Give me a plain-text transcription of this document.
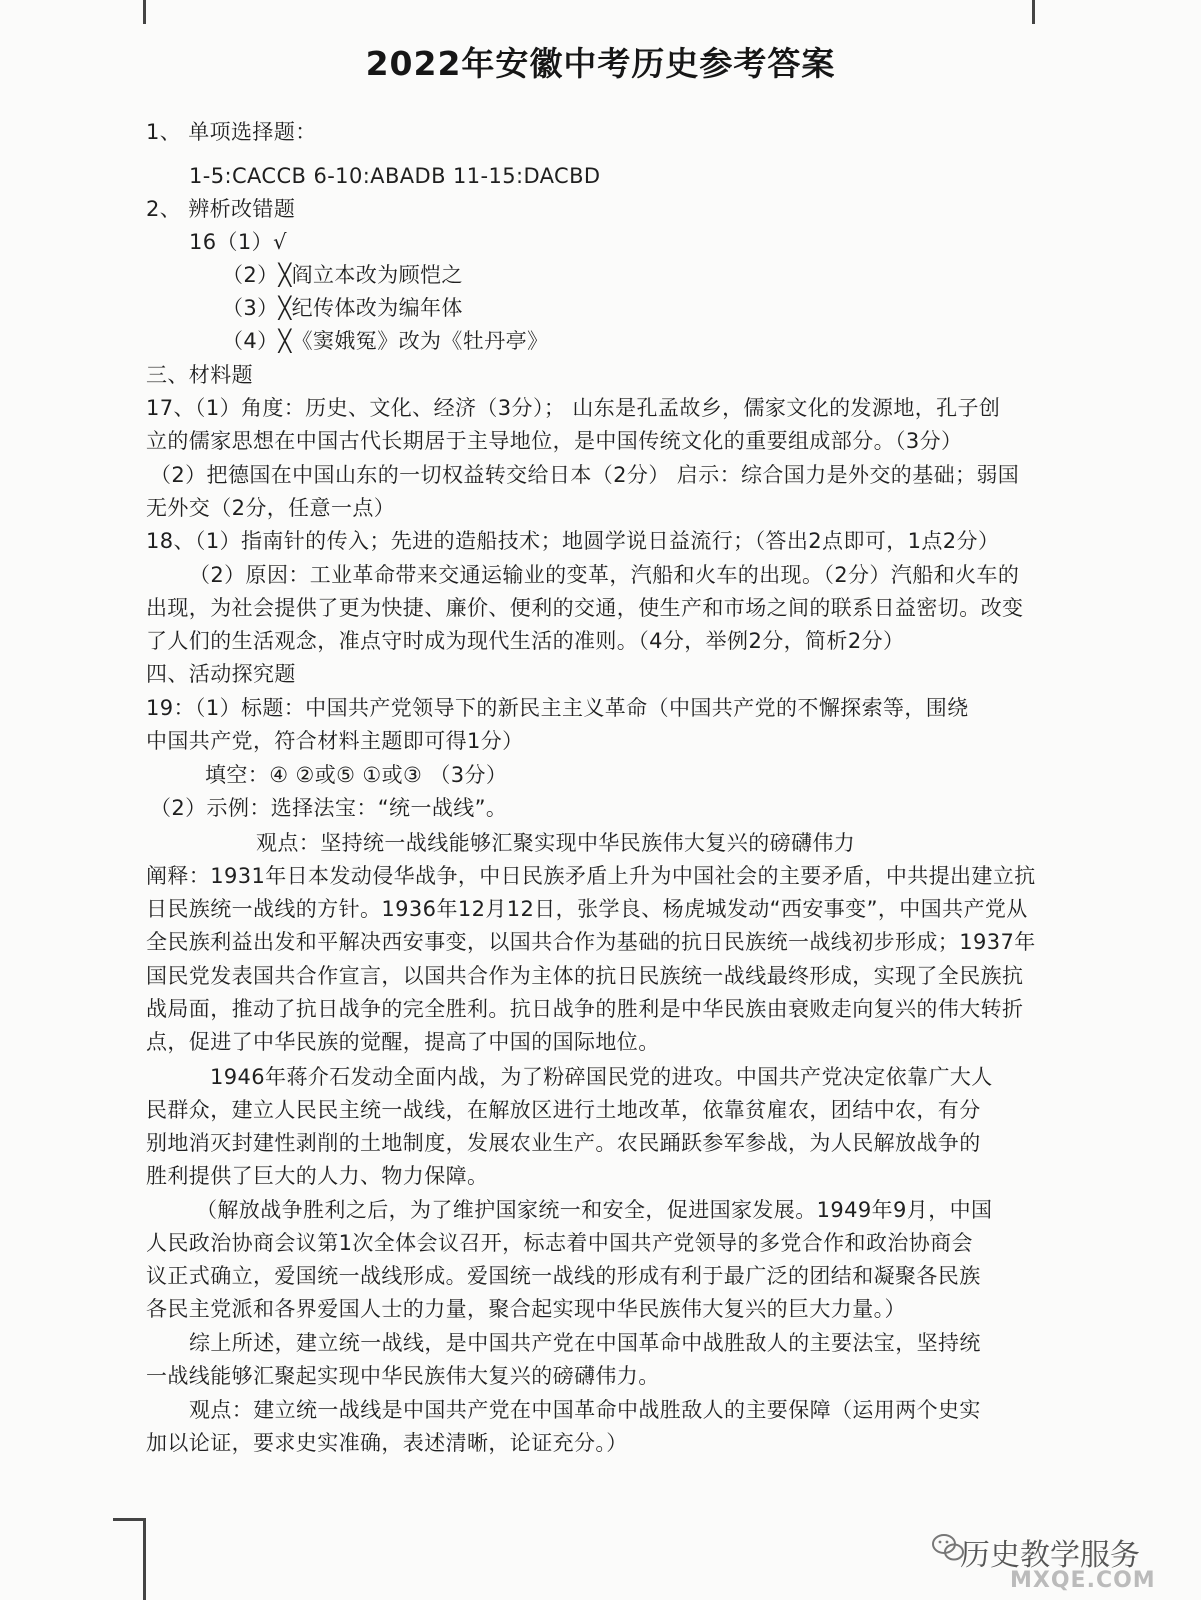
2022年安徽中考历史参考答案
1、 单项选择题：
1-5:CACCB 6-10:ABADB 11-15:DACBD
2、 辨析改错题
16（1）√
（2）╳阎立本改为顾恺之
（3）╳纪传体改为编年体
（4）╳《窦娥冤》改为《牡丹亭》
三、材料题
17、（1）角度：历史、文化、经济（3分）； 山东是孔孟故乡，儒家文化的发源地，孔子创
立的儒家思想在中国古代长期居于主导地位，是中国传统文化的重要组成部分。（3分）
（2）把德国在中国山东的一切权益转交给日本（2分） 启示：综合国力是外交的基础；弱国
无外交（2分，任意一点）
18、（1）指南针的传入；先进的造船技术；地圆学说日益流行；（答出2点即可，1点2分）
（2）原因：工业革命带来交通运输业的变革，汽船和火车的出现。（2分）汽船和火车的
出现，为社会提供了更为快捷、廉价、便利的交通，使生产和市场之间的联系日益密切。改变
了人们的生活观念，准点守时成为现代生活的准则。（4分，举例2分，简析2分）
四、活动探究题
19：（1）标题：中国共产党领导下的新民主主义革命（中国共产党的不懈探索等，围绕
中国共产党，符合材料主题即可得1分）
填空：④ ②或⑤ ①或③ （3分）
（2）示例：选择法宝：“统一战线”。
观点：坚持统一战线能够汇聚实现中华民族伟大复兴的磅礴伟力
阐释：1931年日本发动侵华战争，中日民族矛盾上升为中国社会的主要矛盾，中共提出建立抗
日民族统一战线的方针。1936年12月12日，张学良、杨虎城发动“西安事变”，中国共产党从
全民族利益出发和平解决西安事变，以国共合作为基础的抗日民族统一战线初步形成；1937年
国民党发表国共合作宣言，以国共合作为主体的抗日民族统一战线最终形成，实现了全民族抗
战局面，推动了抗日战争的完全胜利。抗日战争的胜利是中华民族由衰败走向复兴的伟大转折
点，促进了中华民族的觉醒，提高了中国的国际地位。
1946年蒋介石发动全面内战，为了粉碎国民党的进攻。中国共产党决定依靠广大人
民群众，建立人民民主统一战线，在解放区进行土地改革，依靠贫雇农，团结中农，有分
别地消灭封建性剥削的土地制度，发展农业生产。农民踊跃参军参战，为人民解放战争的
胜利提供了巨大的人力、物力保障。
（解放战争胜利之后，为了维护国家统一和安全，促进国家发展。1949年9月，中国
人民政治协商会议第1次全体会议召开，标志着中国共产党领导的多党合作和政治协商会
议正式确立，爱国统一战线形成。爱国统一战线的形成有利于最广泛的团结和凝聚各民族
各民主党派和各界爱国人士的力量，聚合起实现中华民族伟大复兴的巨大力量。）
综上所述，建立统一战线，是中国共产党在中国革命中战胜敌人的主要法宝，坚持统
一战线能够汇聚起实现中华民族伟大复兴的磅礴伟力。
观点：建立统一战线是中国共产党在中国革命中战胜敌人的主要保障（运用两个史实
加以论证，要求史实准确，表述清晰，论证充分。）
历史教学服务
MXQE.COM
